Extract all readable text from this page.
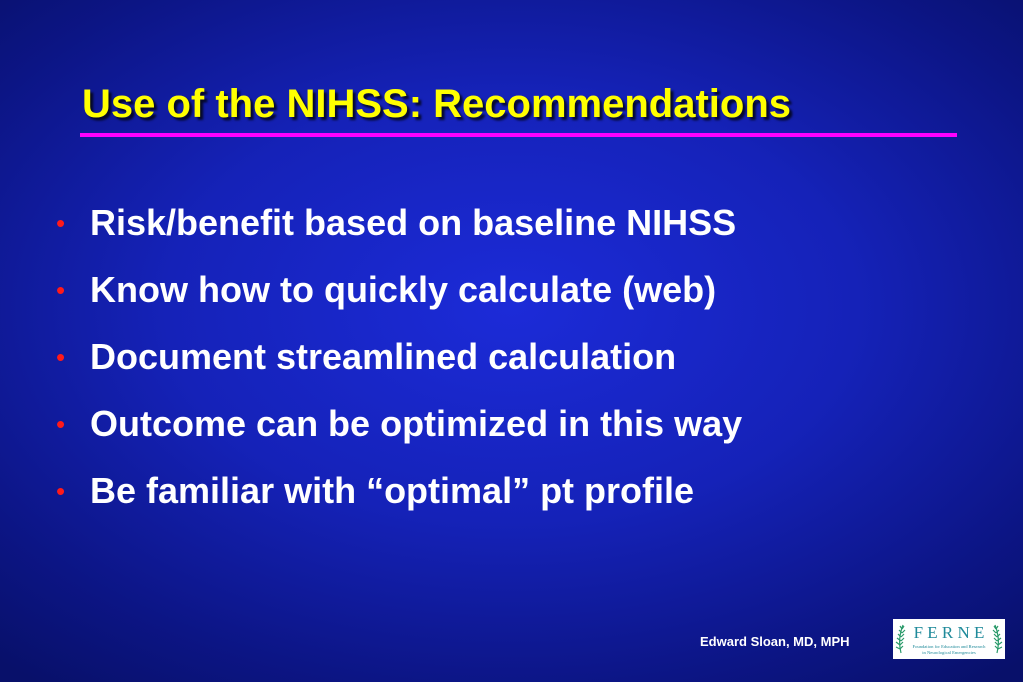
Use of the NIHSS: Recommendations
• Risk/benefit based on baseline NIHSS
• Know how to quickly calculate (web)
• Document streamlined calculation
• Outcome can be optimized in this way
• Be familiar with “optimal” pt profile
Edward Sloan, MD, MPH	F E R N E
Foundation for Education and Research
in Neurological Emergencies
